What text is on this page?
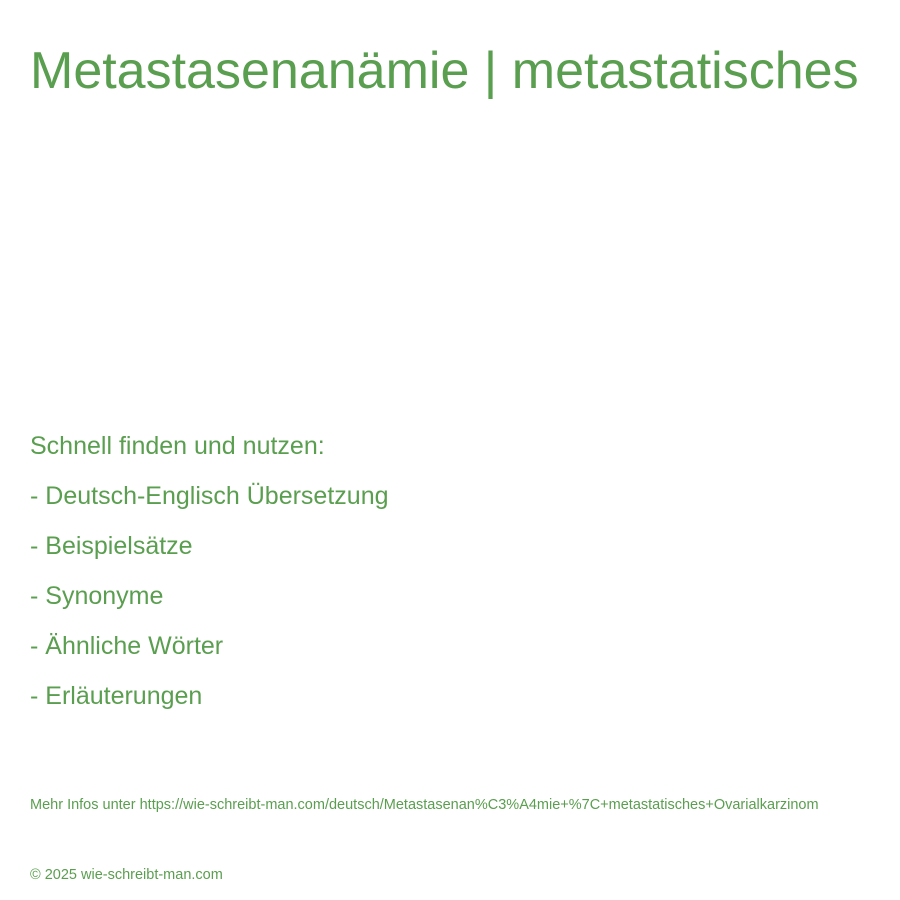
Metastasenanämie | metastatisches
Schnell finden und nutzen:
- Deutsch-Englisch Übersetzung
- Beispielsätze
- Synonyme
- Ähnliche Wörter
- Erläuterungen
Mehr Infos unter https://wie-schreibt-man.com/deutsch/Metastasenan%C3%A4mie+%7C+metastatisches+Ovarialkarzinom
© 2025 wie-schreibt-man.com
